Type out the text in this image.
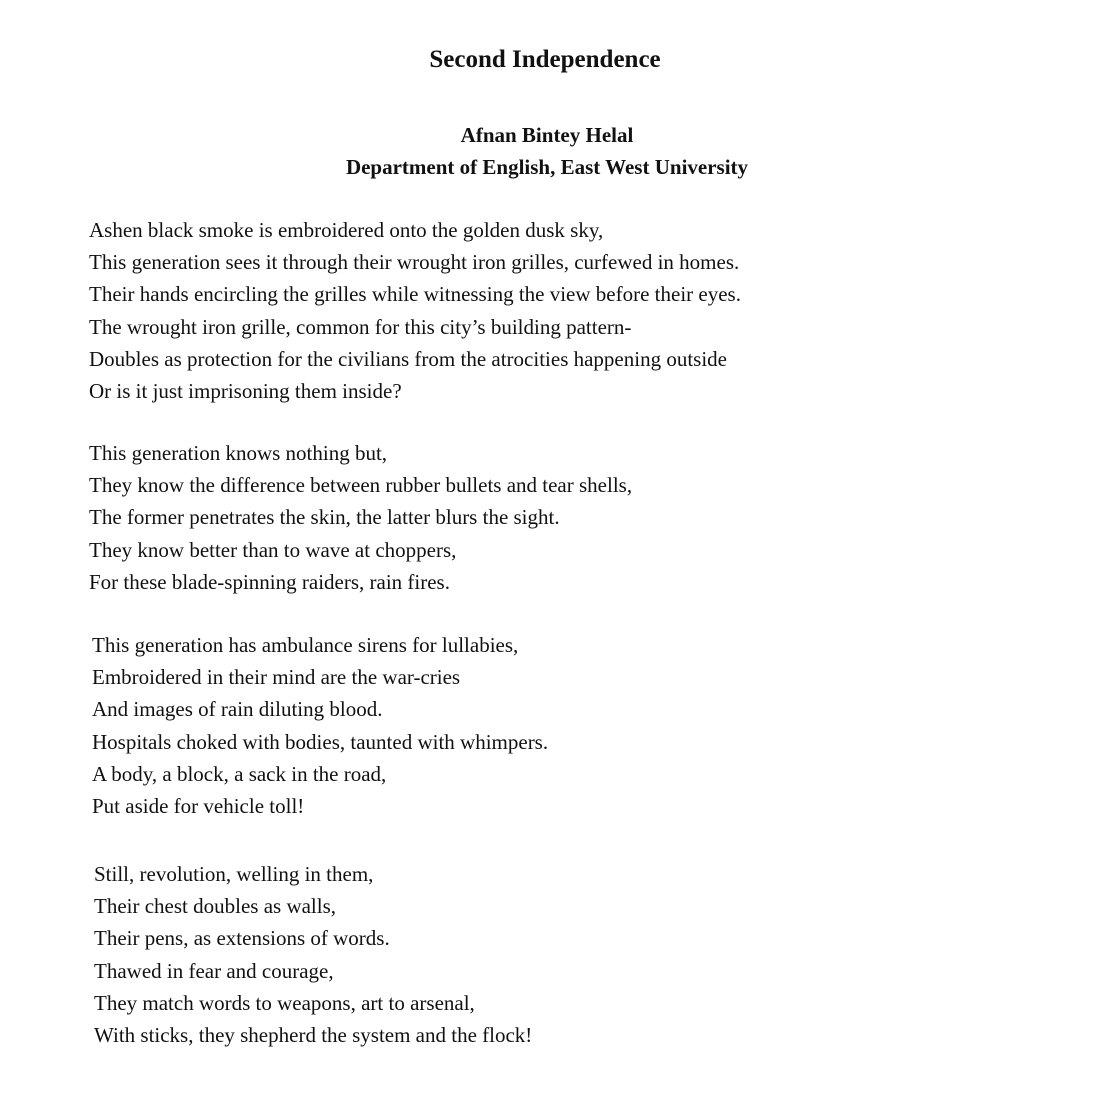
Second Independence
Afnan Bintey Helal
Department of English, East West University
Ashen black smoke is embroidered onto the golden dusk sky,
This generation sees it through their wrought iron grilles, curfewed in homes.
Their hands encircling the grilles while witnessing the view before their eyes.
The wrought iron grille, common for this city’s building pattern-
Doubles as protection for the civilians from the atrocities happening outside
Or is it just imprisoning them inside?
This generation knows nothing but,
They know the difference between rubber bullets and tear shells,
The former penetrates the skin, the latter blurs the sight.
They know better than to wave at choppers,
For these blade-spinning raiders, rain fires.
This generation has ambulance sirens for lullabies,
Embroidered in their mind are the war-cries
And images of rain diluting blood.
Hospitals choked with bodies, taunted with whimpers.
A body, a block, a sack in the road,
Put aside for vehicle toll!
Still, revolution, welling in them,
Their chest doubles as walls,
Their pens, as extensions of words.
Thawed in fear and courage,
They match words to weapons, art to arsenal,
With sticks, they shepherd the system and the flock!
